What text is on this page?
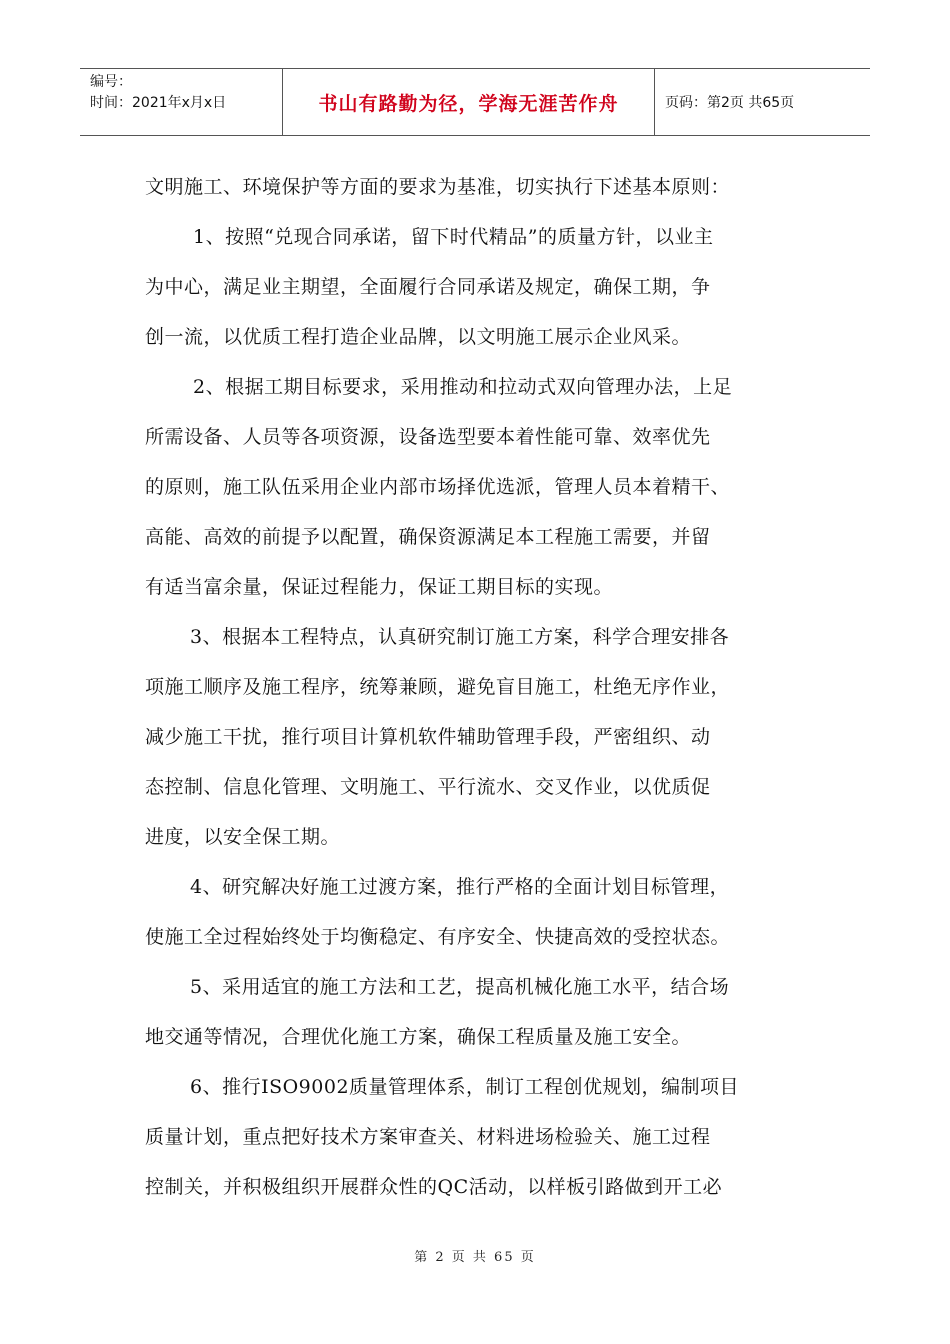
编号：
时间：2021年x月x日	书山有路勤为径，学海无涯苦作舟	页码：第2页 共65页
文明施工、环境保护等方面的要求为基准，切实执行下述基本原则：
1、按照“兑现合同承诺，留下时代精品”的质量方针，以业主
为中心，满足业主期望，全面履行合同承诺及规定，确保工期，争
创一流，以优质工程打造企业品牌，以文明施工展示企业风采。
2、根据工期目标要求，采用推动和拉动式双向管理办法，上足
所需设备、人员等各项资源，设备选型要本着性能可靠、效率优先
的原则，施工队伍采用企业内部市场择优选派，管理人员本着精干、
高能、高效的前提予以配置，确保资源满足本工程施工需要，并留
有适当富余量，保证过程能力，保证工期目标的实现。
3、根据本工程特点，认真研究制订施工方案，科学合理安排各
项施工顺序及施工程序，统筹兼顾，避免盲目施工，杜绝无序作业，
减少施工干扰，推行项目计算机软件辅助管理手段，严密组织、动
态控制、信息化管理、文明施工、平行流水、交叉作业，以优质促
进度，以安全保工期。
4、研究解决好施工过渡方案，推行严格的全面计划目标管理，
使施工全过程始终处于均衡稳定、有序安全、快捷高效的受控状态。
5、采用适宜的施工方法和工艺，提高机械化施工水平，结合场
地交通等情况，合理优化施工方案，确保工程质量及施工安全。
6、推行ISO9002质量管理体系，制订工程创优规划，编制项目
质量计划，重点把好技术方案审查关、材料进场检验关、施工过程
控制关，并积极组织开展群众性的QC活动，以样板引路做到开工必
第 2 页 共 65 页
